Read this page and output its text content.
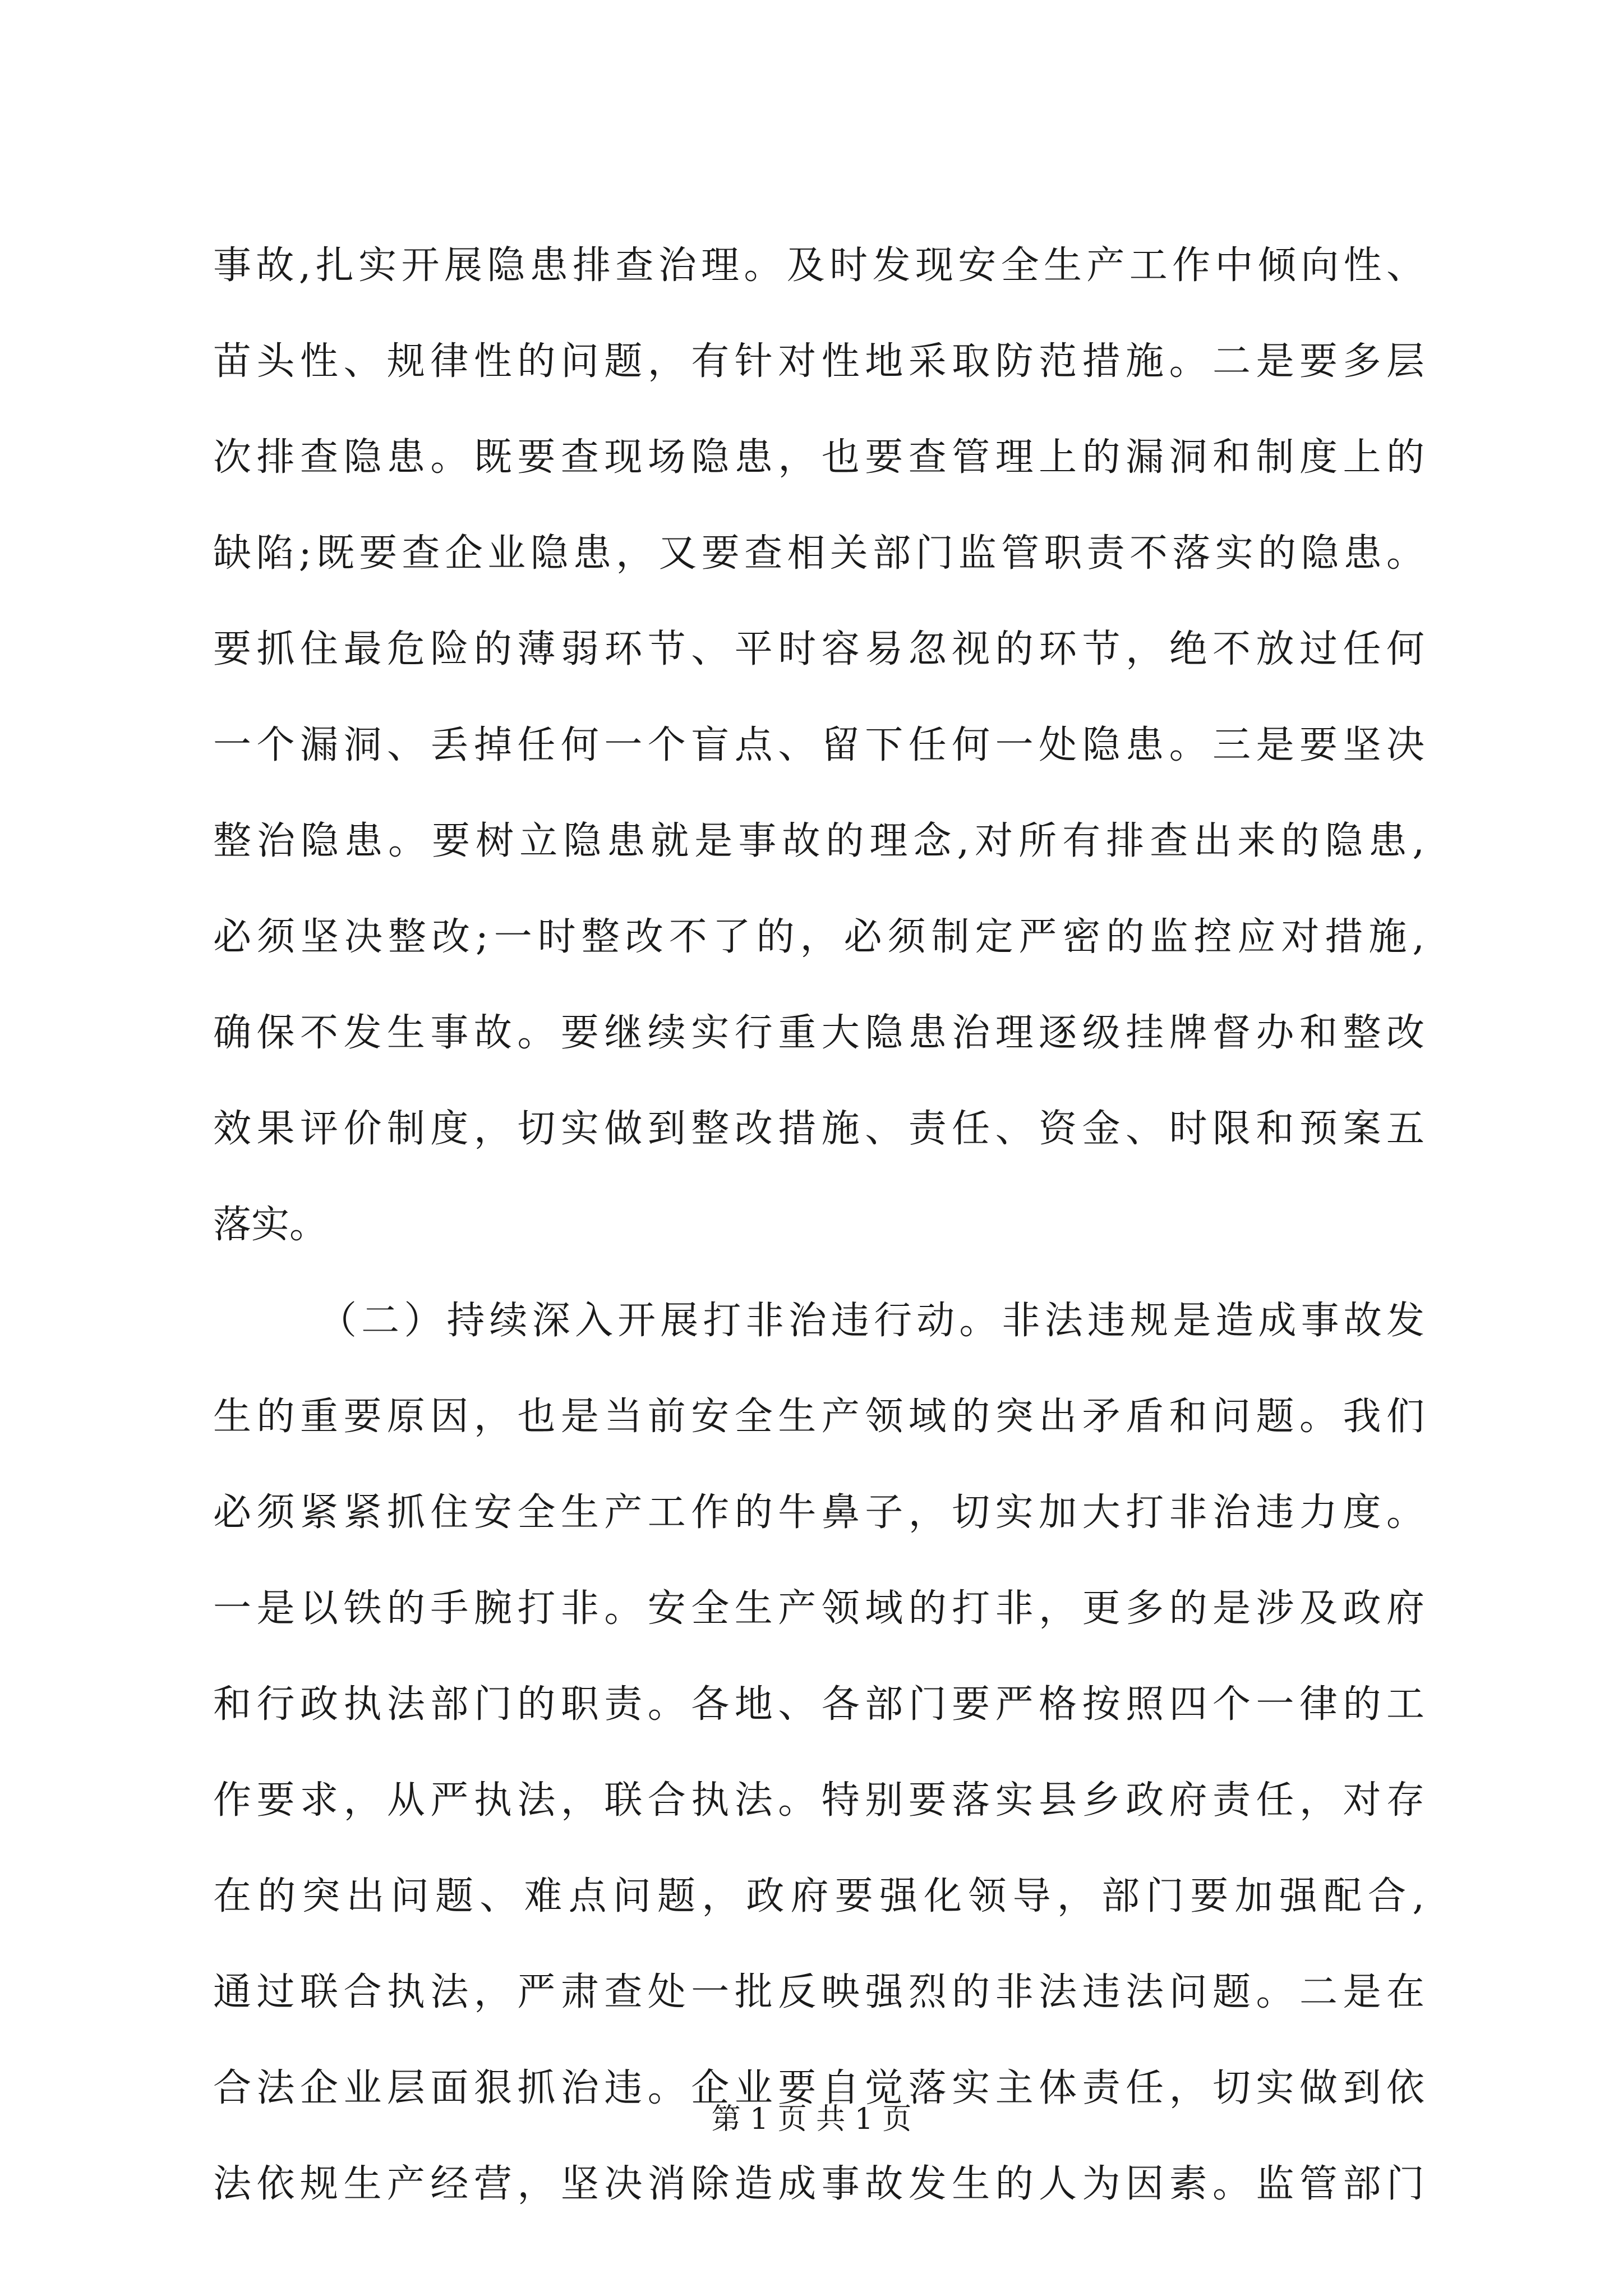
事故,扎实开展隐患排查治理。及时发现安全生产工作中倾向性、
苗头性、规律性的问题，有针对性地采取防范措施。二是要多层
次排查隐患。既要查现场隐患，也要查管理上的漏洞和制度上的
缺陷;既要查企业隐患，又要查相关部门监管职责不落实的隐患。
要抓住最危险的薄弱环节、平时容易忽视的环节，绝不放过任何
一个漏洞、丢掉任何一个盲点、留下任何一处隐患。三是要坚决
整治隐患。要树立隐患就是事故的理念,对所有排查出来的隐患,
必须坚决整改;一时整改不了的，必须制定严密的监控应对措施,
确保不发生事故。要继续实行重大隐患治理逐级挂牌督办和整改
效果评价制度，切实做到整改措施、责任、资金、时限和预案五
落实。
（二）持续深入开展打非治违行动。非法违规是造成事故发
生的重要原因，也是当前安全生产领域的突出矛盾和问题。我们
必须紧紧抓住安全生产工作的牛鼻子，切实加大打非治违力度。
一是以铁的手腕打非。安全生产领域的打非，更多的是涉及政府
和行政执法部门的职责。各地、各部门要严格按照四个一律的工
作要求，从严执法，联合执法。特别要落实县乡政府责任，对存
在的突出问题、难点问题，政府要强化领导，部门要加强配合,
通过联合执法，严肃查处一批反映强烈的非法违法问题。二是在
合法企业层面狠抓治违。企业要自觉落实主体责任，切实做到依
法依规生产经营，坚决消除造成事故发生的人为因素。监管部门
第 1 页 共 1 页
